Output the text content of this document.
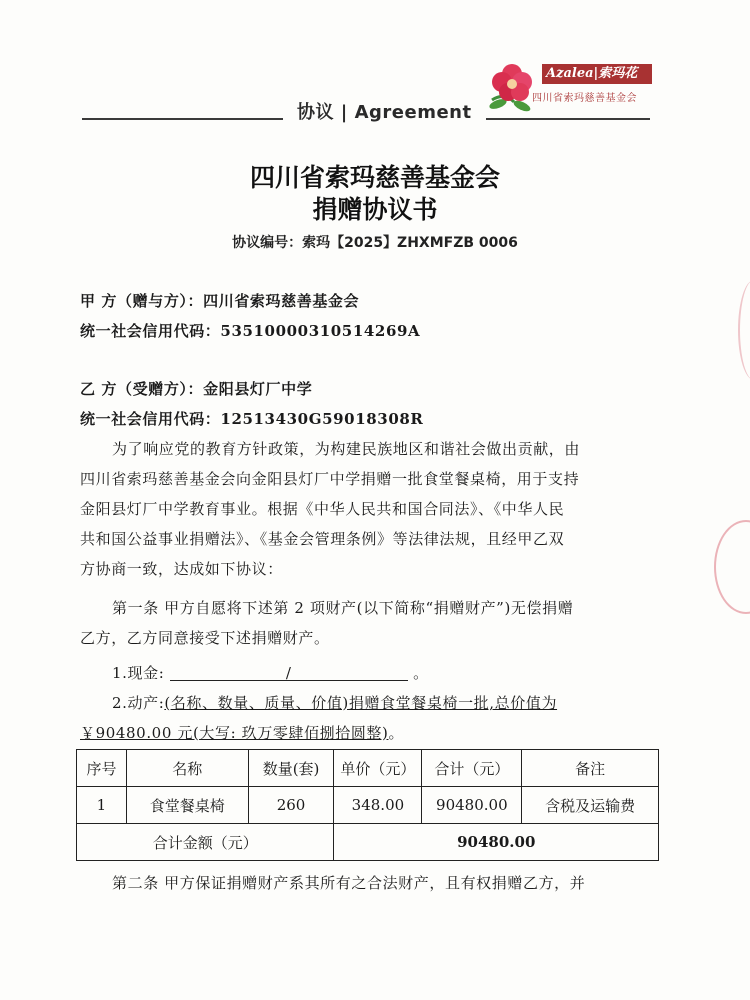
协议 | Agreement
Azalea|索玛花
四川省索玛慈善基金会
四川省索玛慈善基金会
捐赠协议书
协议编号：索玛【2025】ZHXMFZB 0006
甲 方（赠与方）：四川省索玛慈善基金会
统一社会信用代码：53510000310514269A
乙 方（受赠方）：金阳县灯厂中学
统一社会信用代码：12513430G59018308R
为了响应党的教育方针政策，为构建民族地区和谐社会做出贡献，由
四川省索玛慈善基金会向金阳县灯厂中学捐赠一批食堂餐桌椅，用于支持
金阳县灯厂中学教育事业。根据《中华人民共和国合同法》、《中华人民
共和国公益事业捐赠法》、《基金会管理条例》等法律法规，且经甲乙双
方协商一致，达成如下协议：
第一条 甲方自愿将下述第 2 项财产(以下简称“捐赠财产”)无偿捐赠
乙方，乙方同意接受下述捐赠财产。
1.现金:	/	。
2.动产:(名称、数量、质量、价值)捐赠食堂餐桌椅一批,总价值为
￥90480.00 元(大写: 玖万零肆佰捌拾圆整)。
序号	名称	数量(套)	单价（元）	合计（元）	备注
1	食堂餐桌椅	260	348.00	90480.00	含税及运输费
合计金额（元）			90480.00		
第二条 甲方保证捐赠财产系其所有之合法财产，且有权捐赠乙方，并
